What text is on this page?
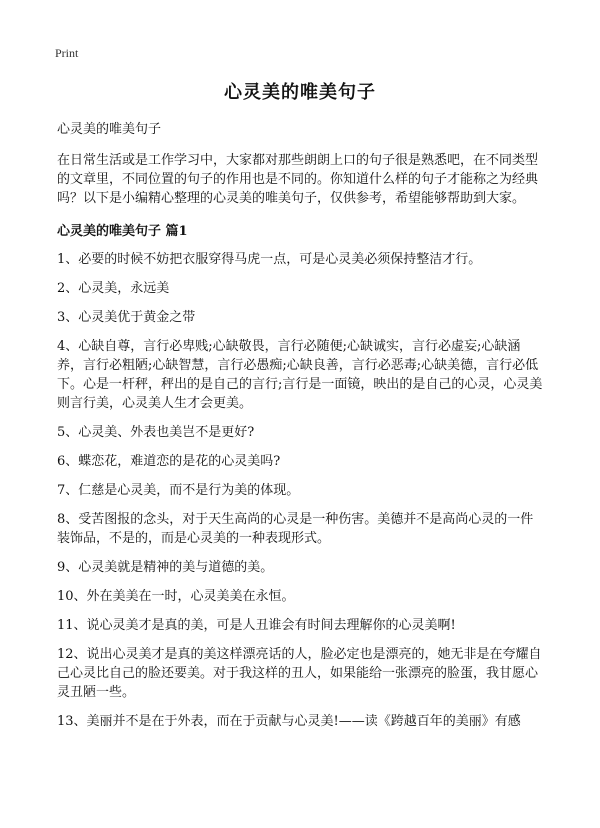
Print
心灵美的唯美句子

心灵美的唯美句子

在日常生活或是工作学习中，大家都对那些朗朗上口的句子很是熟悉吧，在不同类型的文章里，不同位置的句子的作用也是不同的。你知道什么样的句子才能称之为经典吗？以下是小编精心整理的心灵美的唯美句子，仅供参考，希望能够帮助到大家。

心灵美的唯美句子 篇1

1、必要的时候不妨把衣服穿得马虎一点，可是心灵美必须保持整洁才行。

2、心灵美，永远美

3、心灵美优于黄金之带

4、心缺自尊，言行必卑贱;心缺敬畏，言行必随便;心缺诚实，言行必虚妄;心缺涵养，言行必粗陋;心缺智慧，言行必愚痴;心缺良善，言行必恶毒;心缺美德，言行必低下。心是一杆秤，秤出的是自己的言行;言行是一面镜，映出的是自己的心灵，心灵美则言行美，心灵美人生才会更美。

5、心灵美、外表也美岂不是更好?

6、蝶恋花，难道恋的是花的心灵美吗?

7、仁慈是心灵美，而不是行为美的体现。

8、受苦图报的念头，对于天生高尚的心灵是一种伤害。美德并不是高尚心灵的一件装饰品，不是的，而是心灵美的一种表现形式。

9、心灵美就是精神的美与道德的美。

10、外在美美在一时，心灵美美在永恒。

11、说心灵美才是真的美，可是人丑谁会有时间去理解你的心灵美啊!

12、说出心灵美才是真的美这样漂亮话的人，脸必定也是漂亮的，她无非是在夸耀自己心灵比自己的脸还要美。对于我这样的丑人，如果能给一张漂亮的脸蛋，我甘愿心灵丑陋一些。

13、美丽并不是在于外表，而在于贡献与心灵美!——读《跨越百年的美丽》有感
